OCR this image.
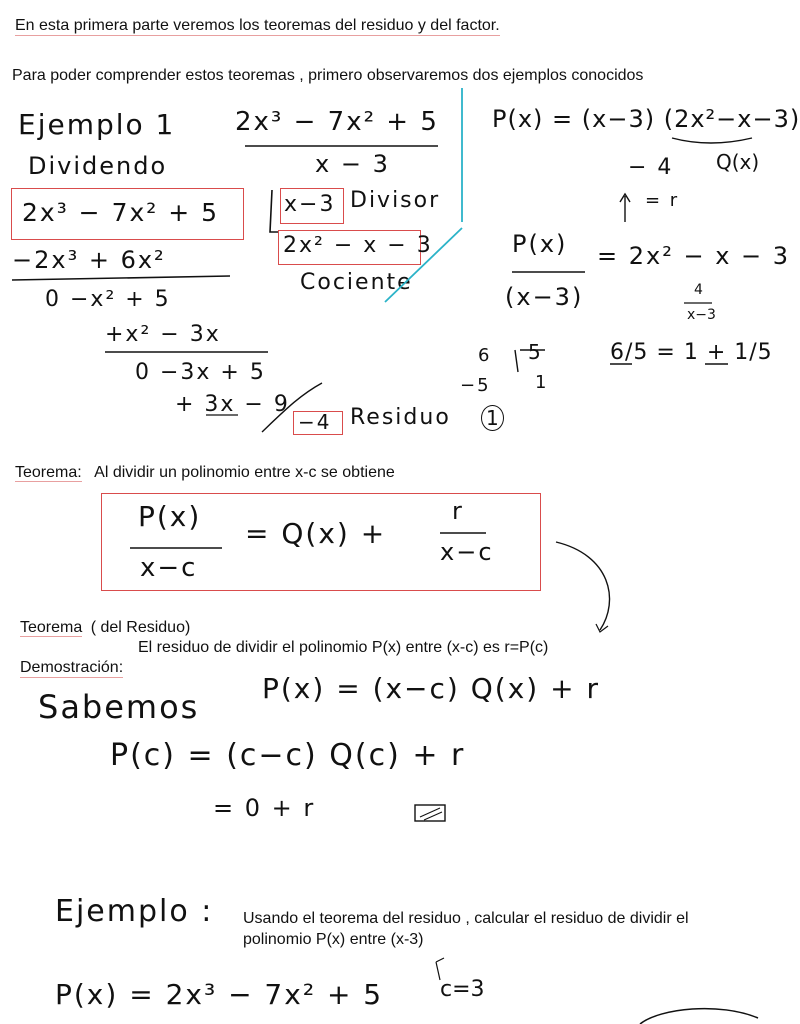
En esta primera parte veremos los teoremas del residuo y del factor.
Para poder comprender estos teoremas , primero observaremos dos ejemplos conocidos
Ejemplo 1 2x³ − 7x² + 5
x − 3
Dividendo
2x³ − 7x² + 5	x−3 Divisor
2x² − x − 3
Cociente
−2x³ + 6x²
0 −x² + 5
+x² − 3x
0 −3x + 5
+ 3x − 9
−4 Residuo 1
P(x) = (x−3) (2x²−x−3)
− 4 Q(x)
= r
P(x)
(x−3)
= 2x² − x − 3
4
x−3
6 5
−5 1
6/5 = 1 + 1/5
Teorema: Al dividir un polinomio entre x-c se obtiene
P(x)
x−c
= Q(x) +
r
x−c
Teorema ( del Residuo)
El residuo de dividir el polinomio P(x) entre (x-c) es r=P(c)
Demostración:
Sabemos P(x) = (x−c) Q(x) + r
P(c) = (c−c) Q(c) + r
= 0 + r
Ejemplo : Usando el teorema del residuo , calcular el residuo de dividir el
polinomio P(x) entre (x-3)
P(x) = 2x³ − 7x² + 5	c=3
